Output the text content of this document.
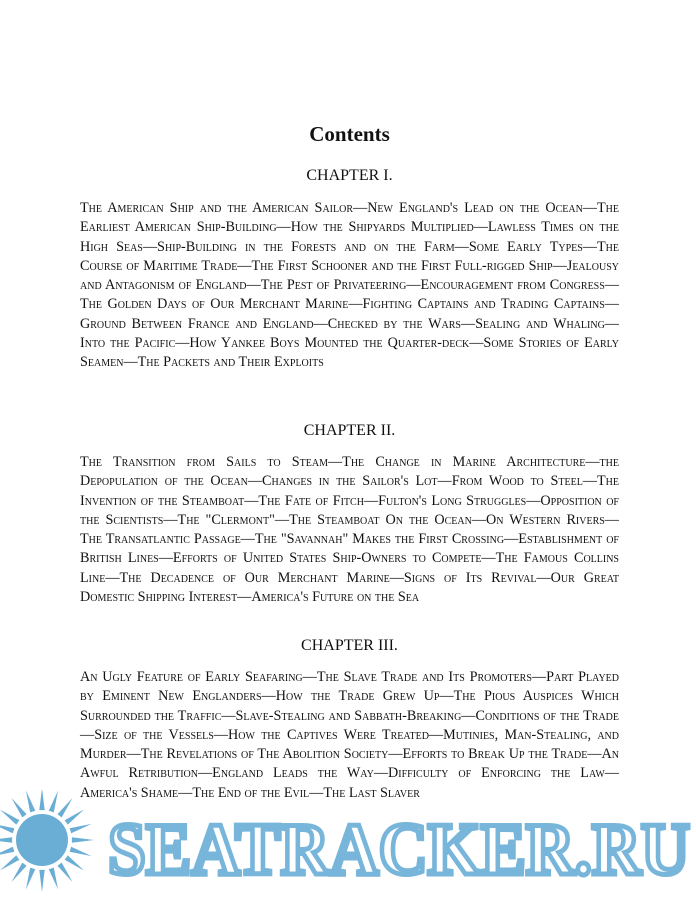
Contents
CHAPTER I.
The American Ship and the American Sailor—New England's Lead on the Ocean—The Earliest American Ship-Building—How the Shipyards Multiplied—Lawless Times on the High Seas—Ship-Building in the Forests and on the Farm—Some Early Types—The Course of Maritime Trade—The First Schooner and the First Full-rigged Ship—Jealousy and Antagonism of England—The Pest of Privateering—Encouragement from Congress—The Golden Days of Our Merchant Marine—Fighting Captains and Trading Captains—Ground Between France and England—Checked by the Wars—Sealing and Whaling—Into the Pacific—How Yankee Boys Mounted the Quarter-deck—Some Stories of Early Seamen—The Packets and Their Exploits
CHAPTER II.
The Transition from Sails to Steam—The Change in Marine Architecture—the Depopulation of the Ocean—Changes in the Sailor's Lot—From Wood to Steel—The Invention of the Steamboat—The Fate of Fitch—Fulton's Long Struggles—Opposition of the Scientists—The "Clermont"—The Steamboat On the Ocean—On Western Rivers—The Transatlantic Passage—The "Savannah" Makes the First Crossing—Establishment of British Lines—Efforts of United States Ship-Owners to Compete—The Famous Collins Line—The Decadence of Our Merchant Marine—Signs of Its Revival—Our Great Domestic Shipping Interest—America's Future on the Sea
CHAPTER III.
An Ugly Feature of Early Seafaring—The Slave Trade and Its Promoters—Part Played by Eminent New Englanders—How the Trade Grew Up—The Pious Auspices Which Surrounded the Traffic—Slave-Stealing and Sabbath-Breaking—Conditions of the Trade—Size of the Vessels—How the Captives Were Treated—Mutinies, Man-Stealing, and Murder—The Revelations of The Abolition Society—Efforts to Break Up the Trade—An Awful Retribution—England Leads the Way—Difficulty of Enforcing the Law—America's Shame—The End of the Evil—The Last Slaver
SEATRACKER.RU
